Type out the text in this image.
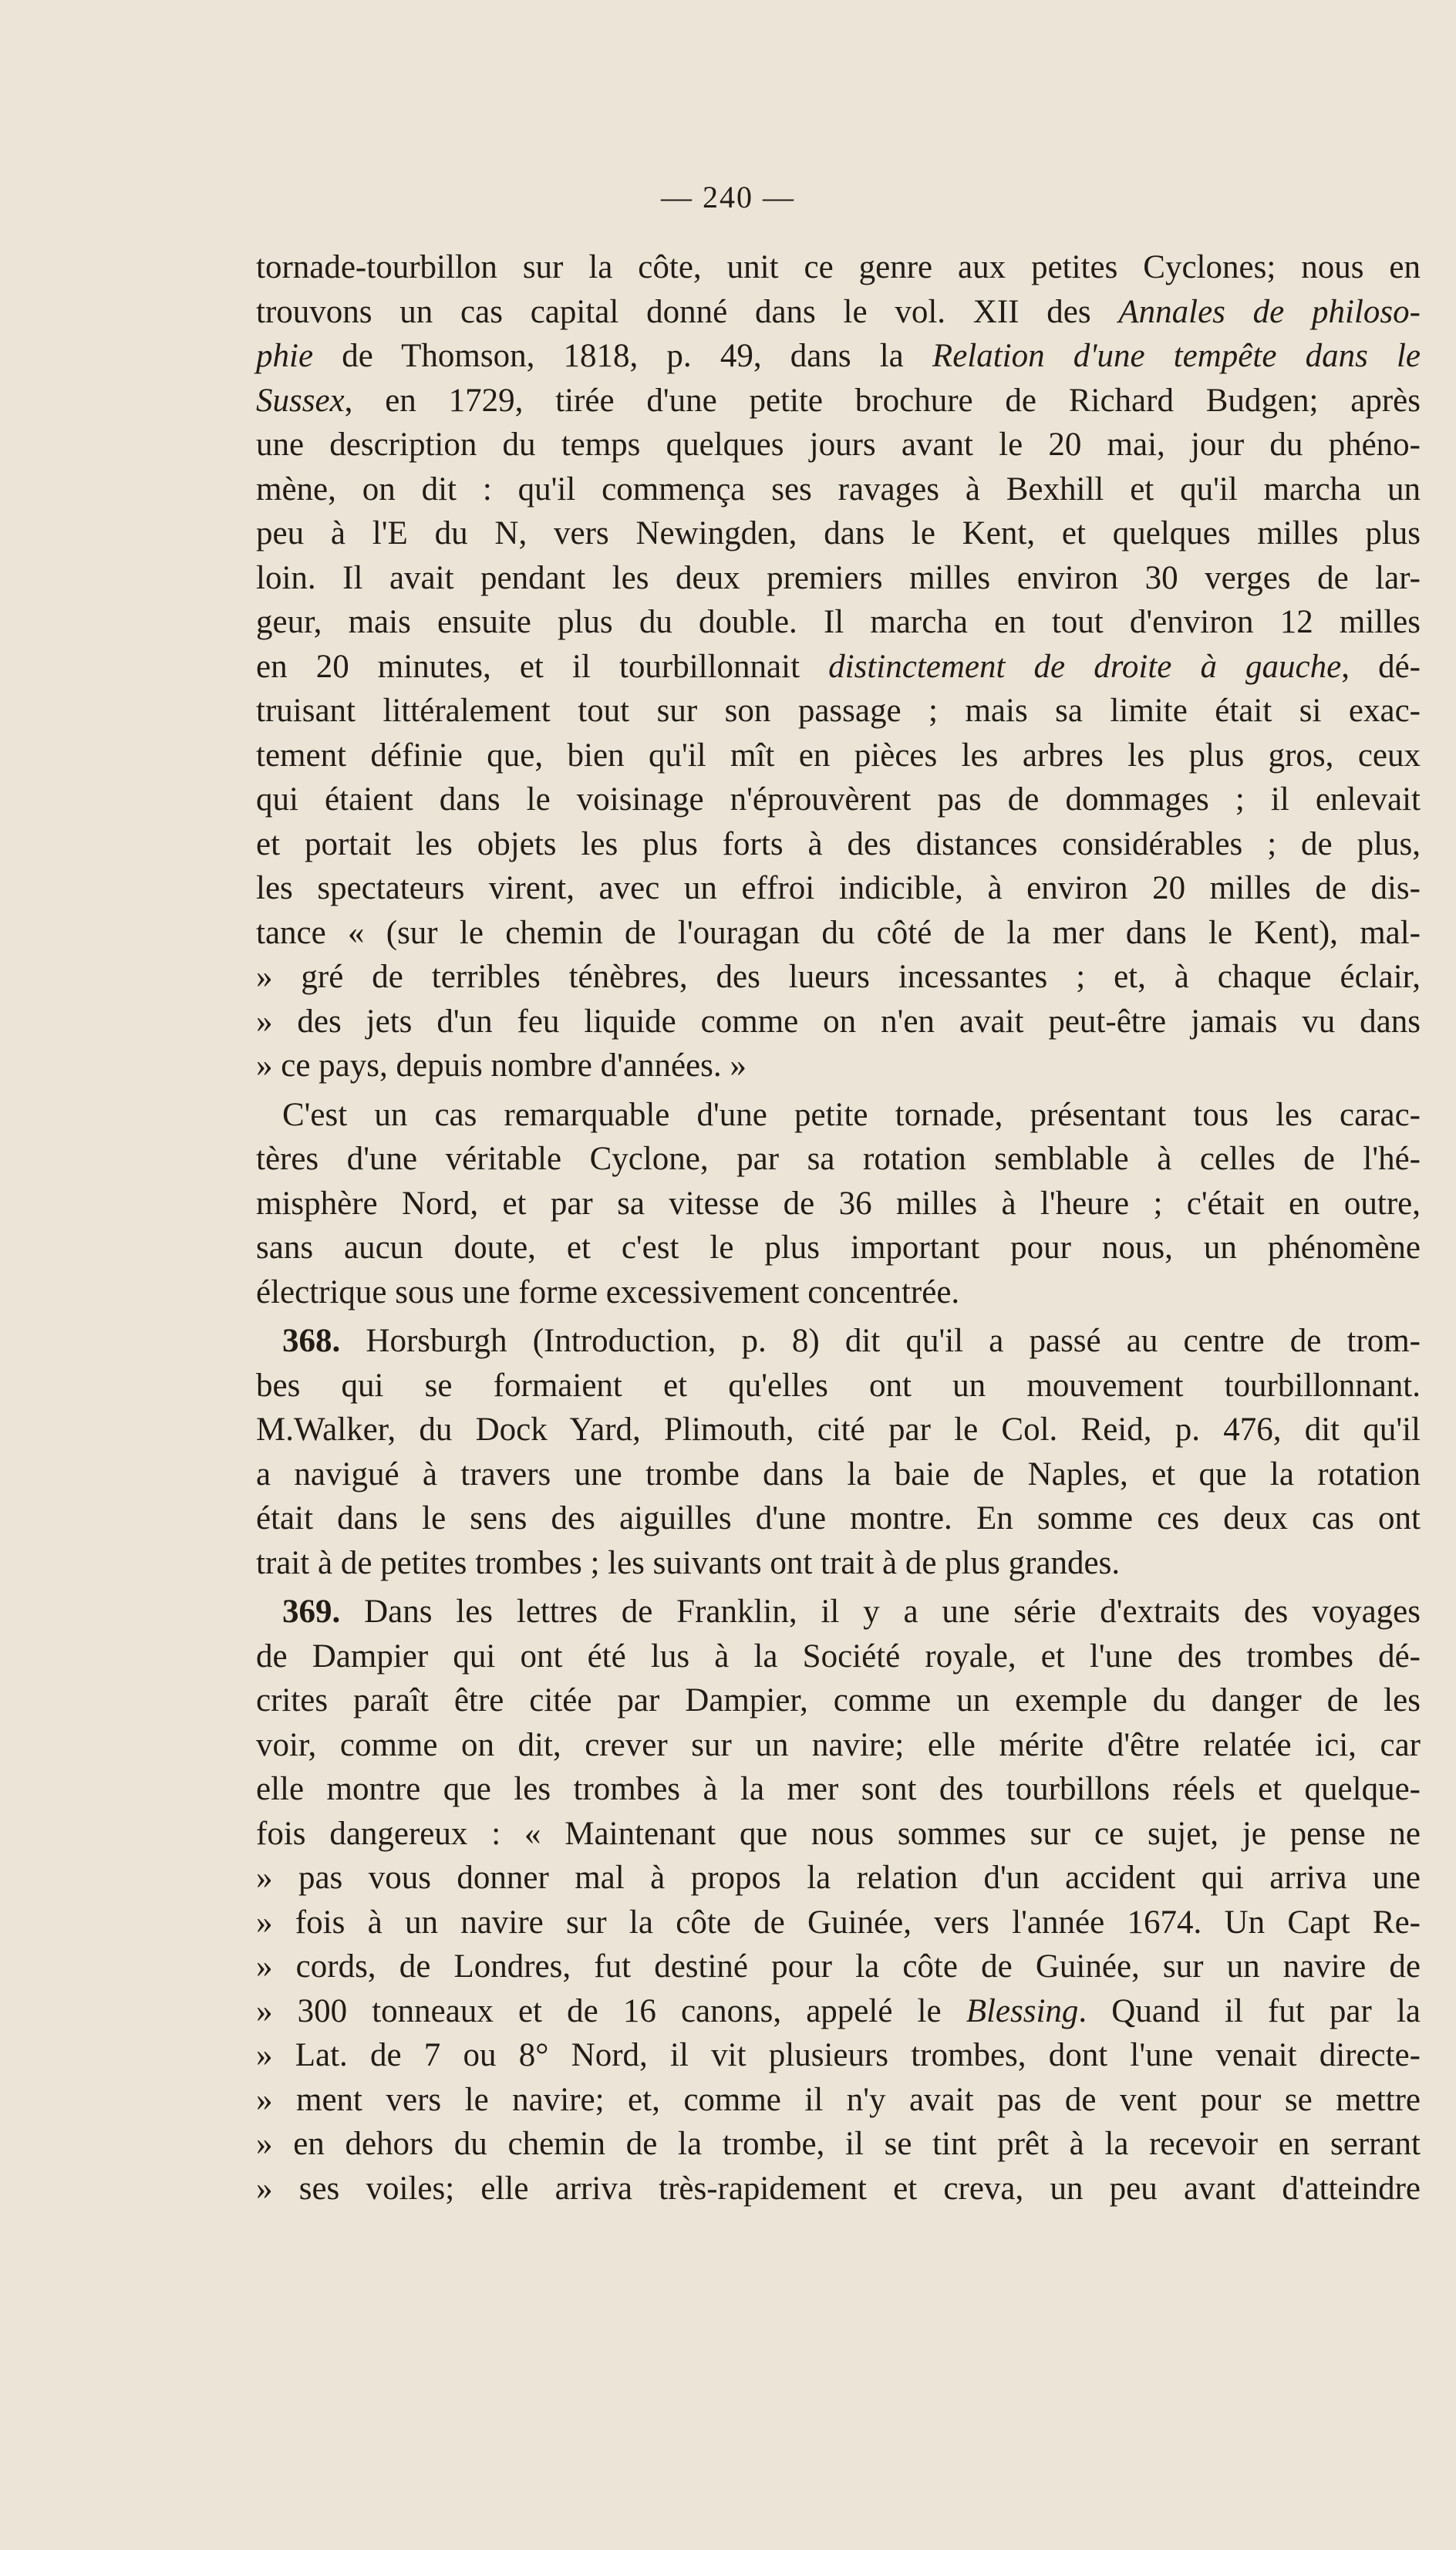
— 240 —
tornade-tourbillon sur la côte, unit ce genre aux petites Cyclones; nous en
trouvons un cas capital donné dans le vol. XII des Annales de philoso-
phie de Thomson, 1818, p. 49, dans la Relation d'une tempête dans le
Sussex, en 1729, tirée d'une petite brochure de Richard Budgen; après
une description du temps quelques jours avant le 20 mai, jour du phéno-
mène, on dit : qu'il commença ses ravages à Bexhill et qu'il marcha un
peu à l'E du N, vers Newingden, dans le Kent, et quelques milles plus
loin. Il avait pendant les deux premiers milles environ 30 verges de lar-
geur, mais ensuite plus du double. Il marcha en tout d'environ 12 milles
en 20 minutes, et il tourbillonnait distinctement de droite à gauche, dé-
truisant littéralement tout sur son passage ; mais sa limite était si exac-
tement définie que, bien qu'il mît en pièces les arbres les plus gros, ceux
qui étaient dans le voisinage n'éprouvèrent pas de dommages ; il enlevait
et portait les objets les plus forts à des distances considérables ; de plus,
les spectateurs virent, avec un effroi indicible, à environ 20 milles de dis-
tance « (sur le chemin de l'ouragan du côté de la mer dans le Kent), mal-
» gré de terribles ténèbres, des lueurs incessantes ; et, à chaque éclair,
» des jets d'un feu liquide comme on n'en avait peut-être jamais vu dans
» ce pays, depuis nombre d'années. »
C'est un cas remarquable d'une petite tornade, présentant tous les carac-
tères d'une véritable Cyclone, par sa rotation semblable à celles de l'hé-
misphère Nord, et par sa vitesse de 36 milles à l'heure ; c'était en outre,
sans aucun doute, et c'est le plus important pour nous, un phénomène
électrique sous une forme excessivement concentrée.
368. Horsburgh (Introduction, p. 8) dit qu'il a passé au centre de trom-
bes qui se formaient et qu'elles ont un mouvement tourbillonnant.
M.Walker, du Dock Yard, Plimouth, cité par le Col. Reid, p. 476, dit qu'il
a navigué à travers une trombe dans la baie de Naples, et que la rotation
était dans le sens des aiguilles d'une montre. En somme ces deux cas ont
trait à de petites trombes ; les suivants ont trait à de plus grandes.
369. Dans les lettres de Franklin, il y a une série d'extraits des voyages
de Dampier qui ont été lus à la Société royale, et l'une des trombes dé-
crites paraît être citée par Dampier, comme un exemple du danger de les
voir, comme on dit, crever sur un navire; elle mérite d'être relatée ici, car
elle montre que les trombes à la mer sont des tourbillons réels et quelque-
fois dangereux : « Maintenant que nous sommes sur ce sujet, je pense ne
» pas vous donner mal à propos la relation d'un accident qui arriva une
» fois à un navire sur la côte de Guinée, vers l'année 1674. Un Capt Re-
» cords, de Londres, fut destiné pour la côte de Guinée, sur un navire de
» 300 tonneaux et de 16 canons, appelé le Blessing. Quand il fut par la
» Lat. de 7 ou 8° Nord, il vit plusieurs trombes, dont l'une venait directe-
» ment vers le navire; et, comme il n'y avait pas de vent pour se mettre
» en dehors du chemin de la trombe, il se tint prêt à la recevoir en serrant
» ses voiles; elle arriva très-rapidement et creva, un peu avant d'atteindre
